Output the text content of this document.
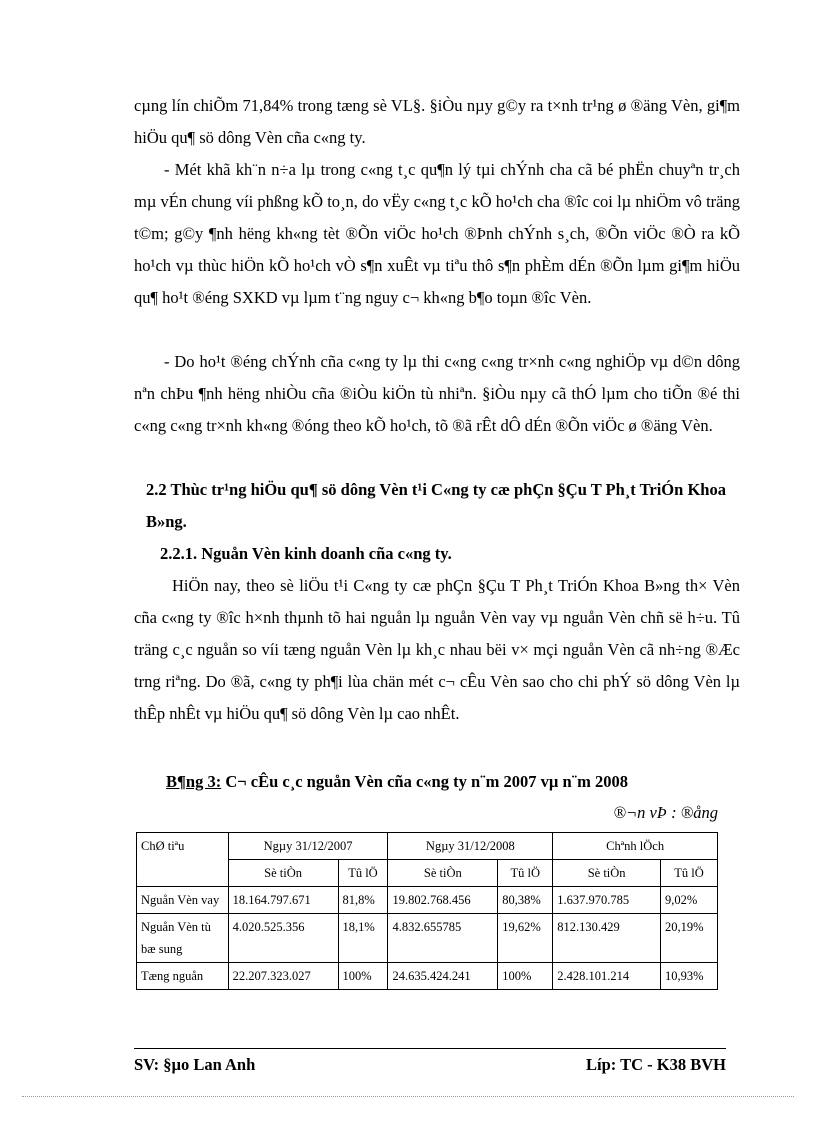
cµng lín chiÕm 71,84% trong tæng sè VL§. §iÒu nµy g©y ra t×nh tr¹ng ø ®äng Vèn, gi¶m hiÖu qu¶ sö dông Vèn cña c«ng ty.

- Mét khã kh¨n n÷a lµ trong c«ng t¸c qu¶n lý tµi chÝnh cha cã bé phËn chuyªn tr¸ch mµ vÉn chung víi phßng kÕ to¸n, do vËy c«ng t¸c kÕ ho¹ch cha ®îc coi lµ nhiÖm vô träng t©m; g©y ¶nh hëng kh«ng tèt ®Õn viÖc ho¹ch ®Þnh chÝnh s¸ch, ®Õn viÖc ®Ò ra kÕ ho¹ch vµ thùc hiÖn kÕ ho¹ch vÒ s¶n xuÊt vµ tiªu thô s¶n phÈm dÉn ®Õn lµm gi¶m hiÖu qu¶ ho¹t ®éng SXKD vµ lµm t¨ng nguy c¬ kh«ng b¶o toµn ®îc Vèn.

- Do ho¹t ®éng chÝnh cña c«ng ty lµ thi c«ng c«ng tr×nh c«ng nghiÖp vµ d©n dông nªn chÞu ¶nh hëng nhiÒu cña ®iÒu kiÖn tù nhiªn. §iÒu nµy cã thÓ lµm cho tiÕn ®é thi c«ng c«ng tr×nh kh«ng ®óng theo kÕ ho¹ch, tõ ®ã rÊt dÔ dÉn ®Õn viÖc ø ®äng Vèn.

2.2 Thùc tr¹ng hiÖu qu¶ sö dông Vèn t¹i C«ng ty cæ phÇn §Çu T Ph¸t TriÓn Khoa B»ng.

2.2.1. Nguån Vèn kinh doanh cña c«ng ty.

HiÖn nay, theo sè liÖu t¹i C«ng ty cæ phÇn §Çu T Ph¸t TriÓn Khoa B»ng th× Vèn cña c«ng ty ®îc h×nh thµnh tõ hai nguån lµ nguån Vèn vay vµ nguån Vèn chñ së h÷u. Tû träng c¸c nguån so víi tæng nguån Vèn lµ kh¸c nhau bëi v× mçi nguån Vèn cã nh÷ng ®Æc trng riªng. Do ®ã, c«ng ty ph¶i lùa chän mét c¬ cÊu Vèn sao cho chi phÝ sö dông Vèn lµ thÊp nhÊt vµ hiÖu qu¶ sö dông Vèn lµ cao nhÊt.

B¶ng 3: C¬ cÊu c¸c nguån Vèn cña c«ng ty n¨m 2007 vµ n¨m 2008
®¬n vÞ : ®ång
ChØ tiªu	Ngµy 31/12/2007		Ngµy 31/12/2008		Chªnh lÖch	
	Sè tiÒn	Tû lÖ	Sè tiÒn	Tû lÖ	Sè tiÒn	Tû lÖ
Nguån Vèn vay	18.164.797.671	81,8%	19.802.768.456	80,38%	1.637.970.785	9,02%
Nguån Vèn tù bæ sung	4.020.525.356	18,1%	4.832.655785	19,62%	812.130.429	20,19%
Tæng nguån	22.207.323.027	100%	24.635.424.241	100%	2.428.101.214	10,93%
SV: §µo Lan Anh	Líp: TC - K38 BVH
